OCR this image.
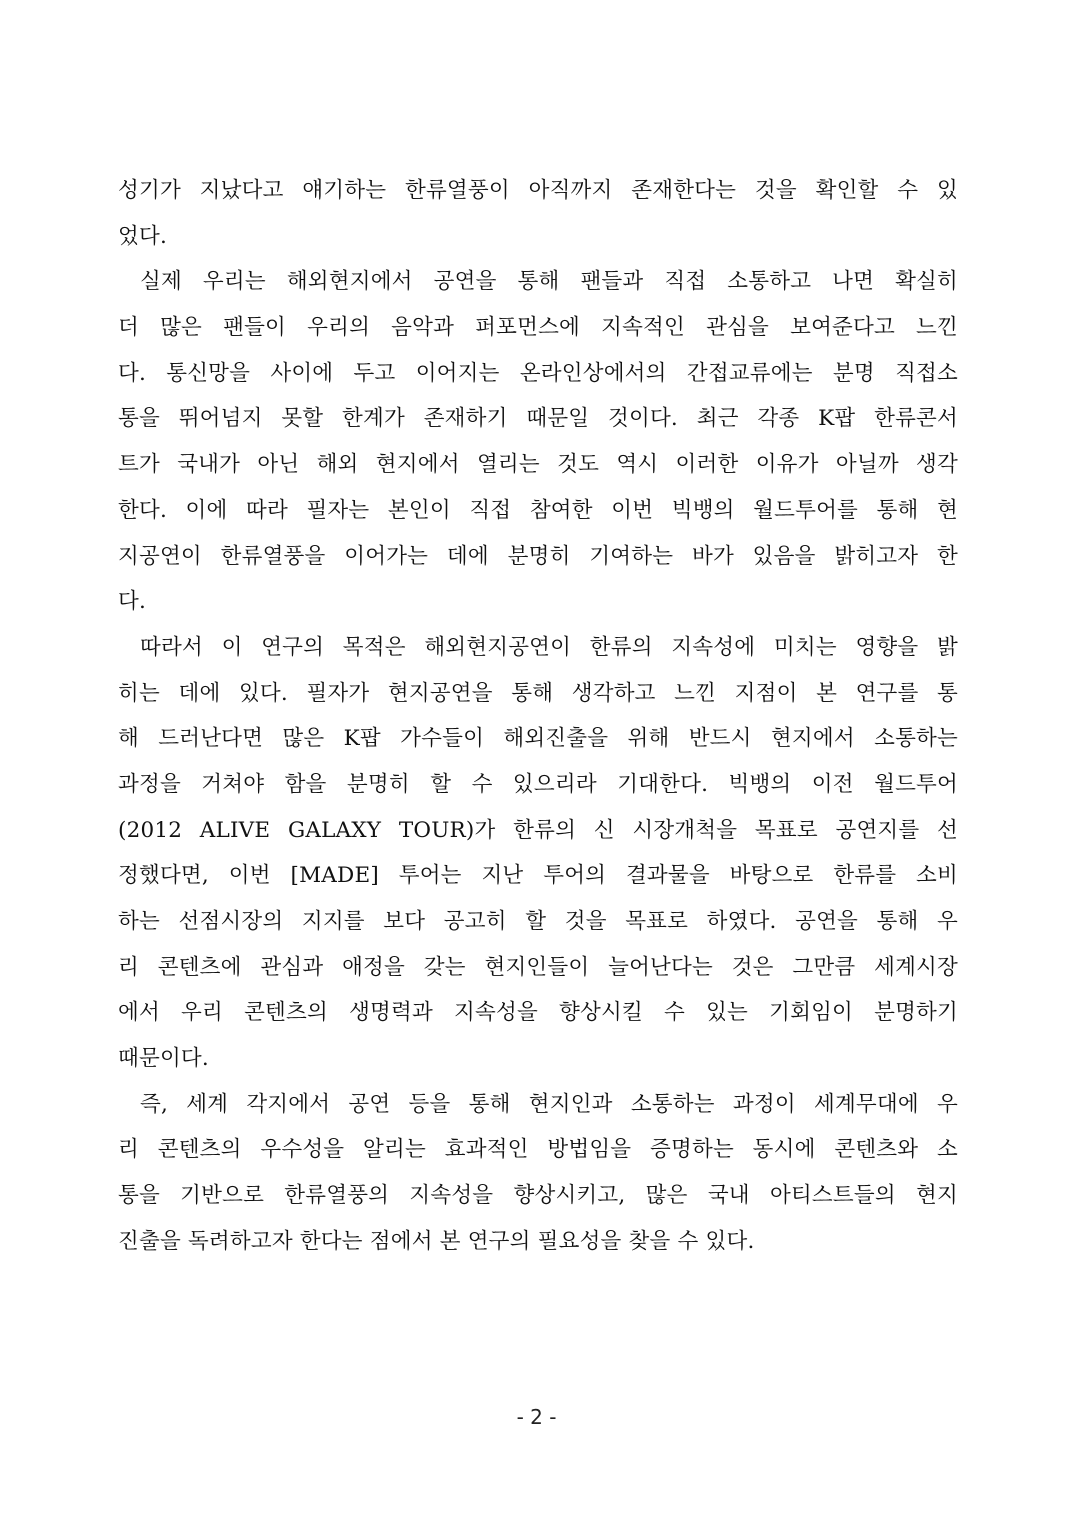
성기가 지났다고 얘기하는 한류열풍이 아직까지 존재한다는 것을 확인할 수 있
었다.
실제 우리는 해외현지에서 공연을 통해 팬들과 직접 소통하고 나면 확실히
더 많은 팬들이 우리의 음악과 퍼포먼스에 지속적인 관심을 보여준다고 느낀
다. 통신망을 사이에 두고 이어지는 온라인상에서의 간접교류에는 분명 직접소
통을 뛰어넘지 못할 한계가 존재하기 때문일 것이다. 최근 각종 K팝 한류콘서
트가 국내가 아닌 해외 현지에서 열리는 것도 역시 이러한 이유가 아닐까 생각
한다. 이에 따라 필자는 본인이 직접 참여한 이번 빅뱅의 월드투어를 통해 현
지공연이 한류열풍을 이어가는 데에 분명히 기여하는 바가 있음을 밝히고자 한
다.
따라서 이 연구의 목적은 해외현지공연이 한류의 지속성에 미치는 영향을 밝
히는 데에 있다. 필자가 현지공연을 통해 생각하고 느낀 지점이 본 연구를 통
해 드러난다면 많은 K팝 가수들이 해외진출을 위해 반드시 현지에서 소통하는
과정을 거쳐야 함을 분명히 할 수 있으리라 기대한다. 빅뱅의 이전 월드투어
(2012 ALIVE GALAXY TOUR)가 한류의 신 시장개척을 목표로 공연지를 선
정했다면, 이번 [MADE] 투어는 지난 투어의 결과물을 바탕으로 한류를 소비
하는 선점시장의 지지를 보다 공고히 할 것을 목표로 하였다. 공연을 통해 우
리 콘텐츠에 관심과 애정을 갖는 현지인들이 늘어난다는 것은 그만큼 세계시장
에서 우리 콘텐츠의 생명력과 지속성을 향상시킬 수 있는 기회임이 분명하기
때문이다.
즉, 세계 각지에서 공연 등을 통해 현지인과 소통하는 과정이 세계무대에 우
리 콘텐츠의 우수성을 알리는 효과적인 방법임을 증명하는 동시에 콘텐츠와 소
통을 기반으로 한류열풍의 지속성을 향상시키고, 많은 국내 아티스트들의 현지
진출을 독려하고자 한다는 점에서 본 연구의 필요성을 찾을 수 있다.
- 2 -
